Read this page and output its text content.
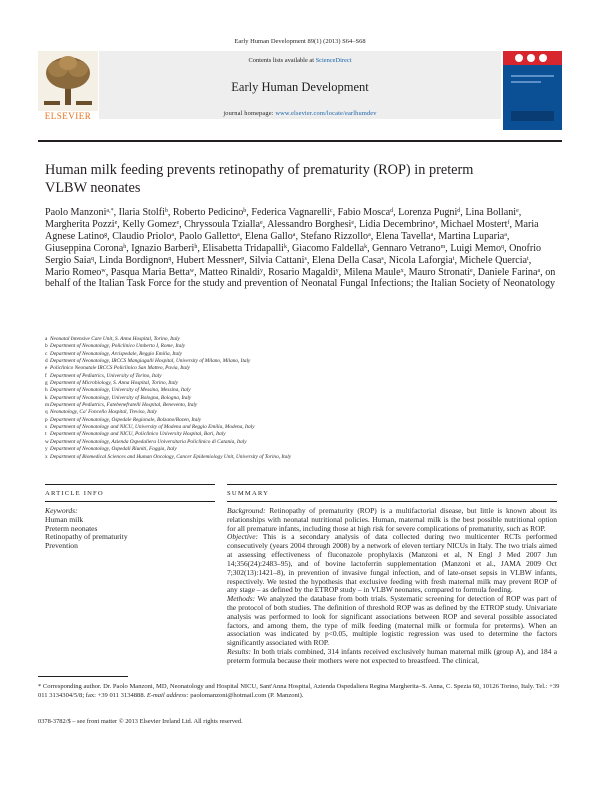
Early Human Development 89(1) (2013) S64–S68
Contents lists available at ScienceDirect
Early Human Development
journal homepage: www.elsevier.com/locate/earlhumdev
ELSEVIER
Human milk feeding prevents retinopathy of prematurity (ROP) in preterm
VLBW neonates
Paolo Manzoni$^{a,*}$, Ilaria Stolfi$^b$, Roberto Pedicino$^b$, Federica Vagnarelli$^c$, Fabio Mosca$^d$, Lorenza Pugni$^d$, Lina Bollani$^e$, Margherita Pozzi$^e$, Kelly Gomez$^e$, Chryssoula Tzialla$^e$, Alessandro Borghesi$^e$, Lidia Decembrino$^e$, Michael Mostert$^f$, Maria Agnese Latino$^g$, Claudio Priolo$^a$, Paolo Galletto$^a$, Elena Gallo$^a$, Stefano Rizzollo$^a$, Elena Tavella$^a$, Martina Luparia$^a$, Giuseppina Corona$^h$, Ignazio Barberi$^h$, Elisabetta Tridapalli$^k$, Giacomo Faldella$^k$, Gennaro Vetrano$^m$, Luigi Memo$^q$, Onofrio Sergio Saia$^q$, Linda Bordignon$^q$, Hubert Messner$^p$, Silvia Cattani$^s$, Elena Della Casa$^s$, Nicola Laforgia$^t$, Michele Quercia$^t$, Mario Romeo$^w$, Pasqua Maria Betta$^w$, Matteo Rinaldi$^y$, Rosario Magaldi$^y$, Milena Maule$^x$, Mauro Stronati$^e$, Daniele Farina$^a$, on behalf of the Italian Task Force for the study and prevention of Neonatal Fungal Infections; the Italian Society of Neonatology
a Neonatal Intensive Care Unit, S. Anna Hospital, Torino, Italy
b Department of Neonatology, Policlinico Umberto I, Rome, Italy
c Department of Neonatology, Arcispedale, Reggio Emilia, Italy
d Department of Neonatology, IRCCS Mangiagalli Hospital, University of Milano, Milano, Italy
e Policlinico Neonatale IRCCS Policlinico San Matteo, Pavia, Italy
f Department of Pediatrics, University of Torino, Italy
g Department of Microbiology, S. Anna Hospital, Torino, Italy
h Department of Neonatology, University of Messina, Messina, Italy
k Department of Neonatology, University of Bologna, Bologna, Italy
mDepartment of Pediatrics, Fatebenefratelli Hospital, Benevento, Italy
q Neonatology, Ca' Foncello Hospital, Treviso, Italy
p Department of Neonatology, Ospedale Regionale, Bolzano/Bozen, Italy
s Department of Neonatology and NICU, University of Modena and Reggio Emilia, Modena, Italy
t Department of Neonatology and NICU, Policlinico University Hospital, Bari, Italy
wDepartment of Neonatology, Azienda Ospedaliera Universitaria Policlinico di Catania, Italy
y Department of Neonatology, Ospedali Riuniti, Foggia, Italy
x Department of Biomedical Sciences and Human Oncology, Cancer Epidemiology Unit, University of Torino, Italy
ARTICLE INFO	SUMMARY
Keywords:
Human milk
Preterm neonates
Retinopathy of prematurity
Prevention
Background: Retinopathy of prematurity (ROP) is a multifactorial disease, but little is known about its relationships with neonatal nutritional policies. Human, maternal milk is the best possible nutritional option for all premature infants, including those at high risk for severe complications of prematurity, such as ROP.
Objective: This is a secondary analysis of data collected during two multicenter RCTs performed consecutively (years 2004 through 2008) by a network of eleven tertiary NICUs in Italy. The two trials aimed at assessing effectiveness of fluconazole prophylaxis (Manzoni et al, N Engl J Med 2007 Jun 14;356(24):2483–95), and of bovine lactoferrin supplementation (Manzoni et al., JAMA 2009 Oct 7;302(13):1421–8), in prevention of invasive fungal infection, and of late-onset sepsis in VLBW infants, respectively. We tested the hypothesis that exclusive feeding with fresh maternal milk may prevent ROP of any stage – as defined by the ETROP study – in VLBW neonates, compared to formula feeding.
Methods: We analyzed the database from both trials. Systematic screening for detection of ROP was part of the protocol of both studies. The definition of threshold ROP was as defined by the ETROP study. Univariate analysis was performed to look for significant associations between ROP and several possible associated factors, and among them, the type of milk feeding (maternal milk or formula for preterms). When an association was indicated by p<0.05, multiple logistic regression was used to determine the factors significantly associated with ROP.
Results: In both trials combined, 314 infants received exclusively human maternal milk (group A), and 184 a preterm formula because their mothers were not expected to breastfeed. The clinical,
* Corresponding author. Dr. Paolo Manzoni, MD, Neonatology and Hospital NICU, Sant'Anna Hospital, Azienda Ospedaliera Regina Margherita–S. Anna, C. Spezia 60, 10126 Torino, Italy. Tel.: +39 011 3134304/5/8; fax: +39 011 3134888. E-mail address: paolomanzoni@hotmail.com (P. Manzoni).
0378-3782/$ – see front matter © 2013 Elsevier Ireland Ltd. All rights reserved.
